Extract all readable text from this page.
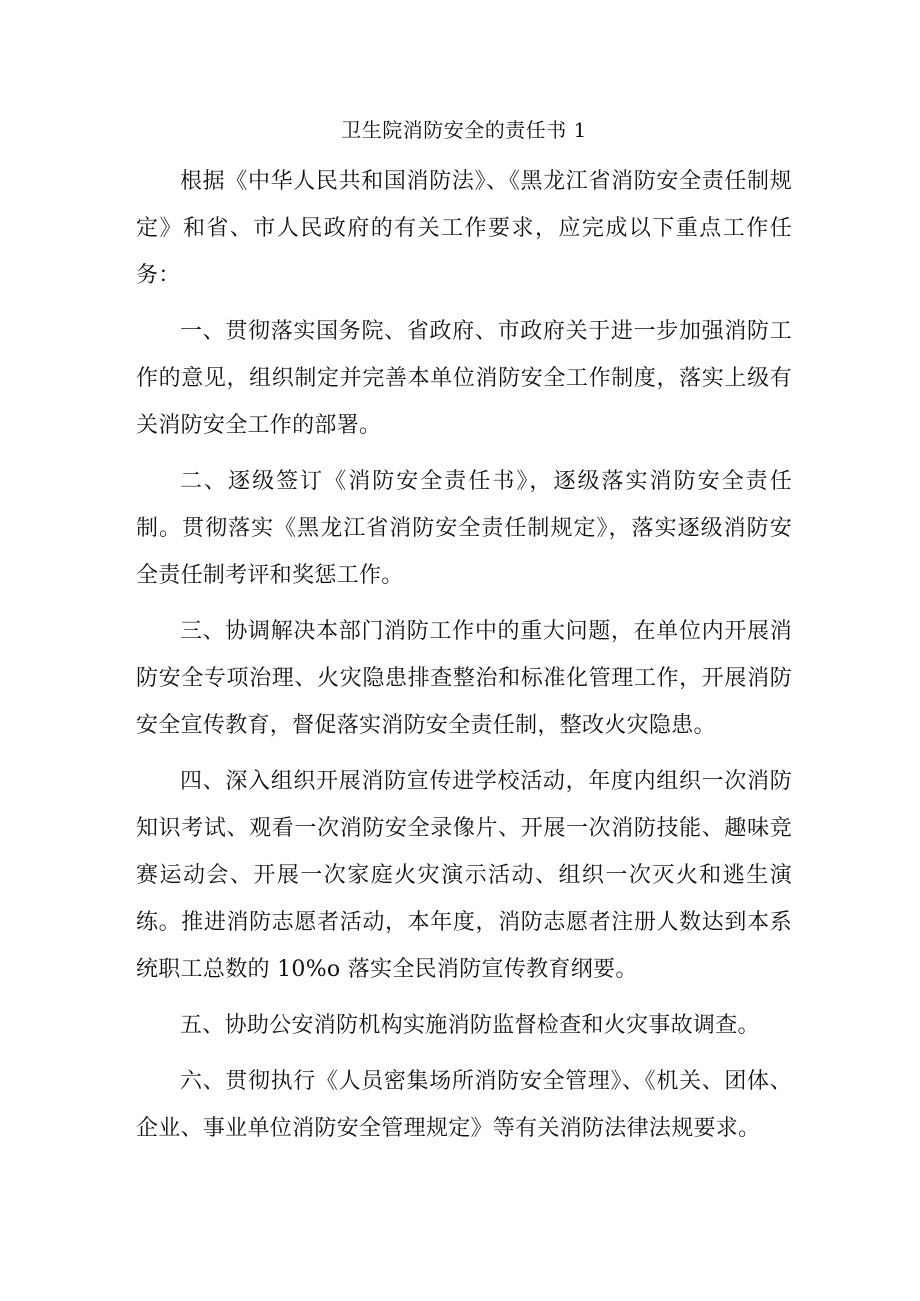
卫生院消防安全的责任书 1

根据《中华人民共和国消防法》、《黑龙江省消防安全责任制规定》和省、市人民政府的有关工作要求，应完成以下重点工作任务：

一、贯彻落实国务院、省政府、市政府关于进一步加强消防工作的意见，组织制定并完善本单位消防安全工作制度，落实上级有关消防安全工作的部署。

二、逐级签订《消防安全责任书》，逐级落实消防安全责任制。贯彻落实《黑龙江省消防安全责任制规定》，落实逐级消防安全责任制考评和奖惩工作。

三、协调解决本部门消防工作中的重大问题，在单位内开展消防安全专项治理、火灾隐患排查整治和标准化管理工作，开展消防安全宣传教育，督促落实消防安全责任制，整改火灾隐患。

四、深入组织开展消防宣传进学校活动，年度内组织一次消防知识考试、观看一次消防安全录像片、开展一次消防技能、趣味竞赛运动会、开展一次家庭火灾演示活动、组织一次灭火和逃生演练。推进消防志愿者活动，本年度，消防志愿者注册人数达到本系统职工总数的 10%o 落实全民消防宣传教育纲要。

五、协助公安消防机构实施消防监督检查和火灾事故调查。

六、贯彻执行《人员密集场所消防安全管理》、《机关、团体、企业、事业单位消防安全管理规定》等有关消防法律法规要求。
